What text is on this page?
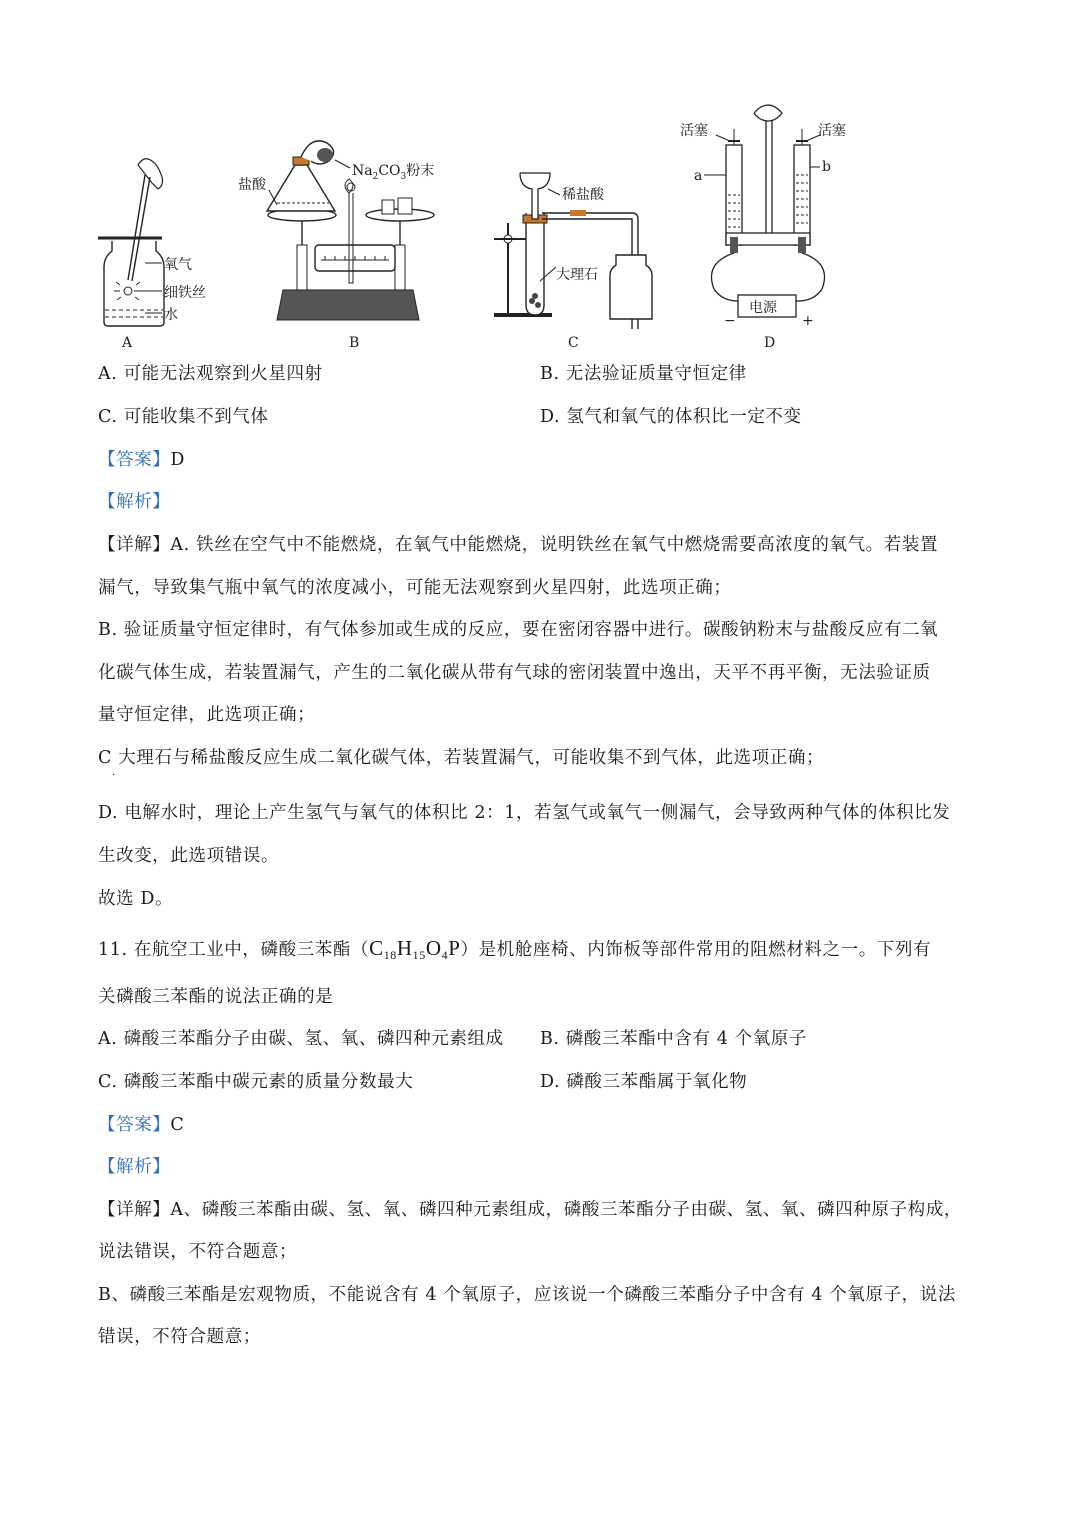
氧气
细铁丝
水
A
盐酸
$Na_2CO_3$粉末
B
稀盐酸
大理石
C
电源
−	+
活塞	活塞
a
b
D
A. 可能无法观察到火星四射	B. 无法验证质量守恒定律
C. 可能收集不到气体	D. 氢气和氧气的体积比一定不变
【答案】D
【解析】
【详解】A. 铁丝在空气中不能燃烧，在氧气中能燃烧，说明铁丝在氧气中燃烧需要高浓度的氧气。若装置
漏气，导致集气瓶中氧气的浓度减小，可能无法观察到火星四射，此选项正确；
B. 验证质量守恒定律时，有气体参加或生成的反应，要在密闭容器中进行。碳酸钠粉末与盐酸反应有二氧
化碳气体生成，若装置漏气，产生的二氧化碳从带有气球的密闭装置中逸出，天平不再平衡，无法验证质
量守恒定律，此选项正确；
C 大理石与稀盐酸反应生成二氧化碳气体，若装置漏气，可能收集不到气体，此选项正确；
·
D. 电解水时，理论上产生氢气与氧气的体积比 2：1，若氢气或氧气一侧漏气，会导致两种气体的体积比发
生改变，此选项错误。
故选 D。
11. 在航空工业中，磷酸三苯酯$(C_{18}H_{15}O_4P)$是机舱座椅、内饰板等部件常用的阻燃材料之一。下列有
关磷酸三苯酯的说法正确的是
A. 磷酸三苯酯分子由碳、氢、氧、磷四种元素组成 B. 磷酸三苯酯中含有 4 个氧原子
C. 磷酸三苯酯中碳元素的质量分数最大	D. 磷酸三苯酯属于氧化物
【答案】C
【解析】
【详解】A、磷酸三苯酯由碳、氢、氧、磷四种元素组成，磷酸三苯酯分子由碳、氢、氧、磷四种原子构成，
说法错误，不符合题意；
B、磷酸三苯酯是宏观物质，不能说含有 4 个氧原子，应该说一个磷酸三苯酯分子中含有 4 个氧原子，说法
错误，不符合题意；
